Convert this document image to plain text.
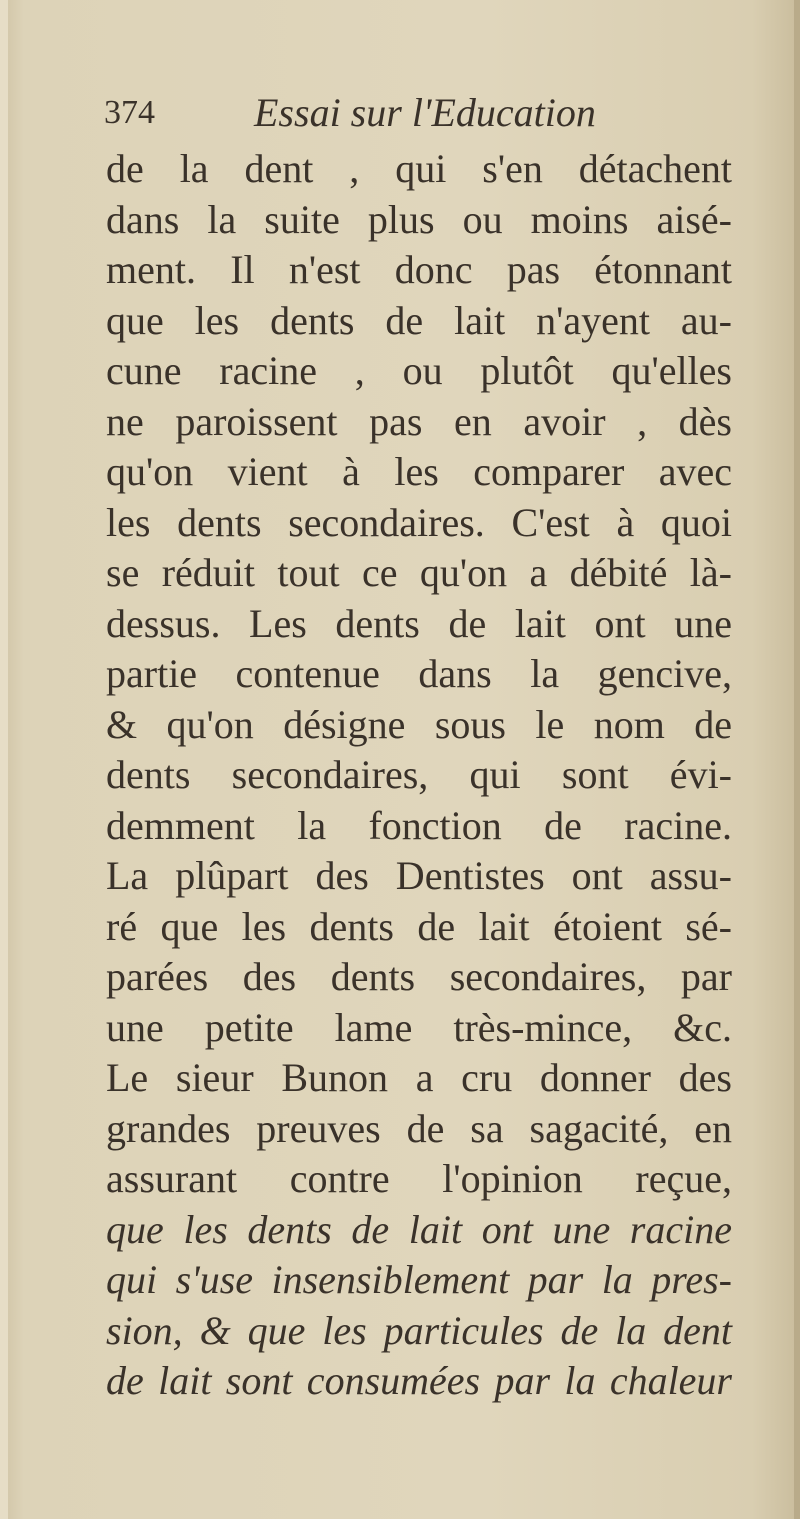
374 Essai sur l'Education
de la dent , qui s'en détachent
dans la suite plus ou moins aisé-
ment. Il n'est donc pas étonnant
que les dents de lait n'ayent au-
cune racine , ou plutôt qu'elles
ne paroissent pas en avoir , dès
qu'on vient à les comparer avec
les dents secondaires. C'est à quoi
se réduit tout ce qu'on a débité là-
dessus. Les dents de lait ont une
partie contenue dans la gencive,
& qu'on désigne sous le nom de
dents secondaires, qui sont évi-
demment la fonction de racine.
La plûpart des Dentistes ont assu-
ré que les dents de lait étoient sé-
parées des dents secondaires, par
une petite lame très-mince, &c.
Le sieur Bunon a cru donner des
grandes preuves de sa sagacité, en
assurant contre l'opinion reçue,
que les dents de lait ont une racine
qui s'use insensiblement par la pres-
sion, & que les particules de la dent
de lait sont consumées par la chaleur
